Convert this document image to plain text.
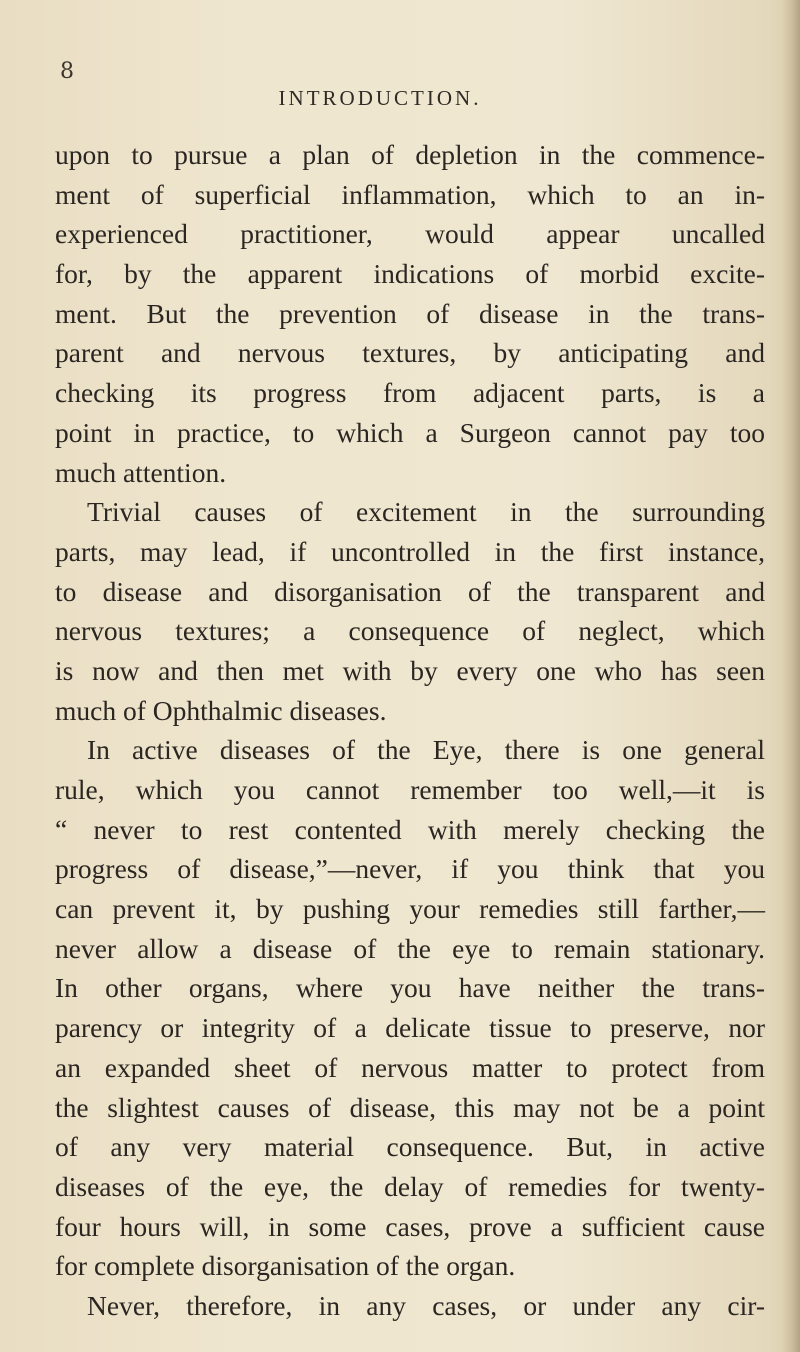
8
INTRODUCTION.
upon to pursue a plan of depletion in the commence-
ment of superficial inflammation, which to an in-
experienced practitioner, would appear uncalled
for, by the apparent indications of morbid excite-
ment. But the prevention of disease in the trans-
parent and nervous textures, by anticipating and
checking its progress from adjacent parts, is a
point in practice, to which a Surgeon cannot pay too
much attention.
Trivial causes of excitement in the surrounding
parts, may lead, if uncontrolled in the first instance,
to disease and disorganisation of the transparent and
nervous textures; a consequence of neglect, which
is now and then met with by every one who has seen
much of Ophthalmic diseases.
In active diseases of the Eye, there is one general
rule, which you cannot remember too well,—it is
“ never to rest contented with merely checking the
progress of disease,”—never, if you think that you
can prevent it, by pushing your remedies still farther,—
never allow a disease of the eye to remain stationary.
In other organs, where you have neither the trans-
parency or integrity of a delicate tissue to preserve, nor
an expanded sheet of nervous matter to protect from
the slightest causes of disease, this may not be a point
of any very material consequence. But, in active
diseases of the eye, the delay of remedies for twenty-
four hours will, in some cases, prove a sufficient cause
for complete disorganisation of the organ.
Never, therefore, in any cases, or under any cir-
